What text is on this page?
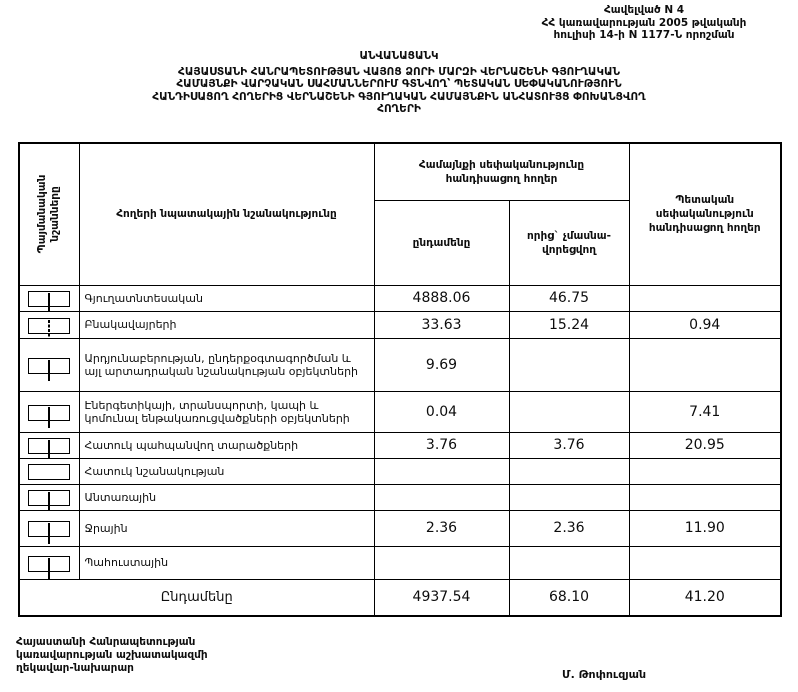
Հավելված N 4
ՀՀ կառավարության 2005 թվականի
հուլիսի 14-ի N 1177-Ն որոշման
ԱՆՎԱՆԱՑԱՆԿ
ՀԱՅԱՍՏԱՆԻ ՀԱՆՐԱՊԵՏՈՒԹՅԱՆ ՎԱՅՈՑ ՁՈՐԻ ՄԱՐԶԻ ՎԵՐՆԱՇԵՆԻ ԳՅՈՒՂԱԿԱՆ
ՀԱՄԱՅՆՔԻ ՎԱՐՉԱԿԱՆ ՍԱՀՄԱՆՆԵՐՈՒՄ ԳՏՆՎՈՂ՝ ՊԵՏԱԿԱՆ ՍԵՓԱԿԱՆՈՒԹՅՈՒՆ
ՀԱՆԴԻՍԱՑՈՂ ՀՈՂԵՐԻՑ ՎԵՐՆԱՇԵՆԻ ԳՅՈՒՂԱԿԱՆ ՀԱՄԱՅՆՔԻՆ ԱՆՀԱՏՈՒՅՑ ՓՈԽԱՆՑՎՈՂ
ՀՈՂԵՐԻ
Պայմանական նշանները	Հողերի նպատակային նշանակությունը	Համայնքի սեփականությունը հանդիսացող հողեր		Պետական սեփականություն հանդիսացող հողեր
		ընդամենը	որից` չմասնա-վորեցվող	
	Գյուղատնտեսական	4888.06	46.75	
	Բնակավայրերի	33.63	15.24	0.94
	Արդյունաբերության, ընդերքօգտագործման և այլ արտադրական նշանակության օբյեկտների	9.69		
	Էներգետիկայի, տրանսպորտի, կապի և կոմունալ ենթակառուցվածքների օբյեկտների	0.04		7.41
	Հատուկ պահպանվող տարածքների	3.76	3.76	20.95
	Հատուկ նշանակության			
	Անտառային			
	Ջրային	2.36	2.36	11.90
	Պահուստային			
Ընդամենը		4937.54	68.10	41.20
Հայաստանի Հանրապետության
կառավարության աշխատակազմի
ղեկավար-նախարար	Մ. Թոփուզյան
